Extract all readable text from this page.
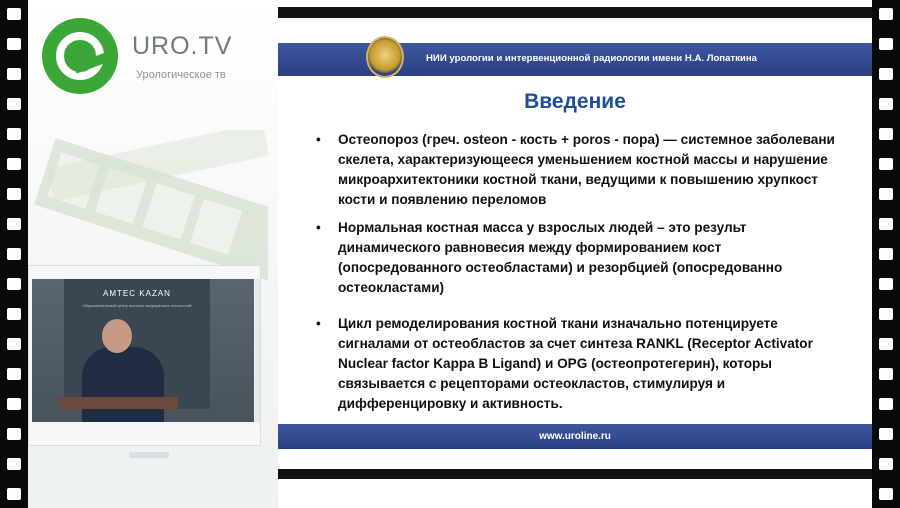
URO.TV
Урологическое тв
AMTEC KAZAN
Образовательный центр высоких медицинских технологий
НИИ урологии и интервенционной радиологии имени Н.А. Лопаткина
Введение
• Остеопороз (греч. osteon - кость + poros - пора) — системное заболевани
скелета, характеризующееся уменьшением костной массы и нарушение
микроархитектоники костной ткани, ведущими к повышению хрупкост
кости и появлению переломов
• Нормальная костная масса у взрослых людей – это результ
динамического равновесия между формированием кост
(опосредованного остеобластами) и резорбцией (опосредованно
остеокластами)
• Цикл ремоделирования костной ткани изначально потенцируете
сигналами от остеобластов за счет синтеза RANKL (Receptor Activator
Nuclear factor Kappa B Ligand) и OPG (остеопротегерин), которы
связывается с рецепторами остеокластов, стимулируя и
дифференцировку и активность.
www.uroline.ru
